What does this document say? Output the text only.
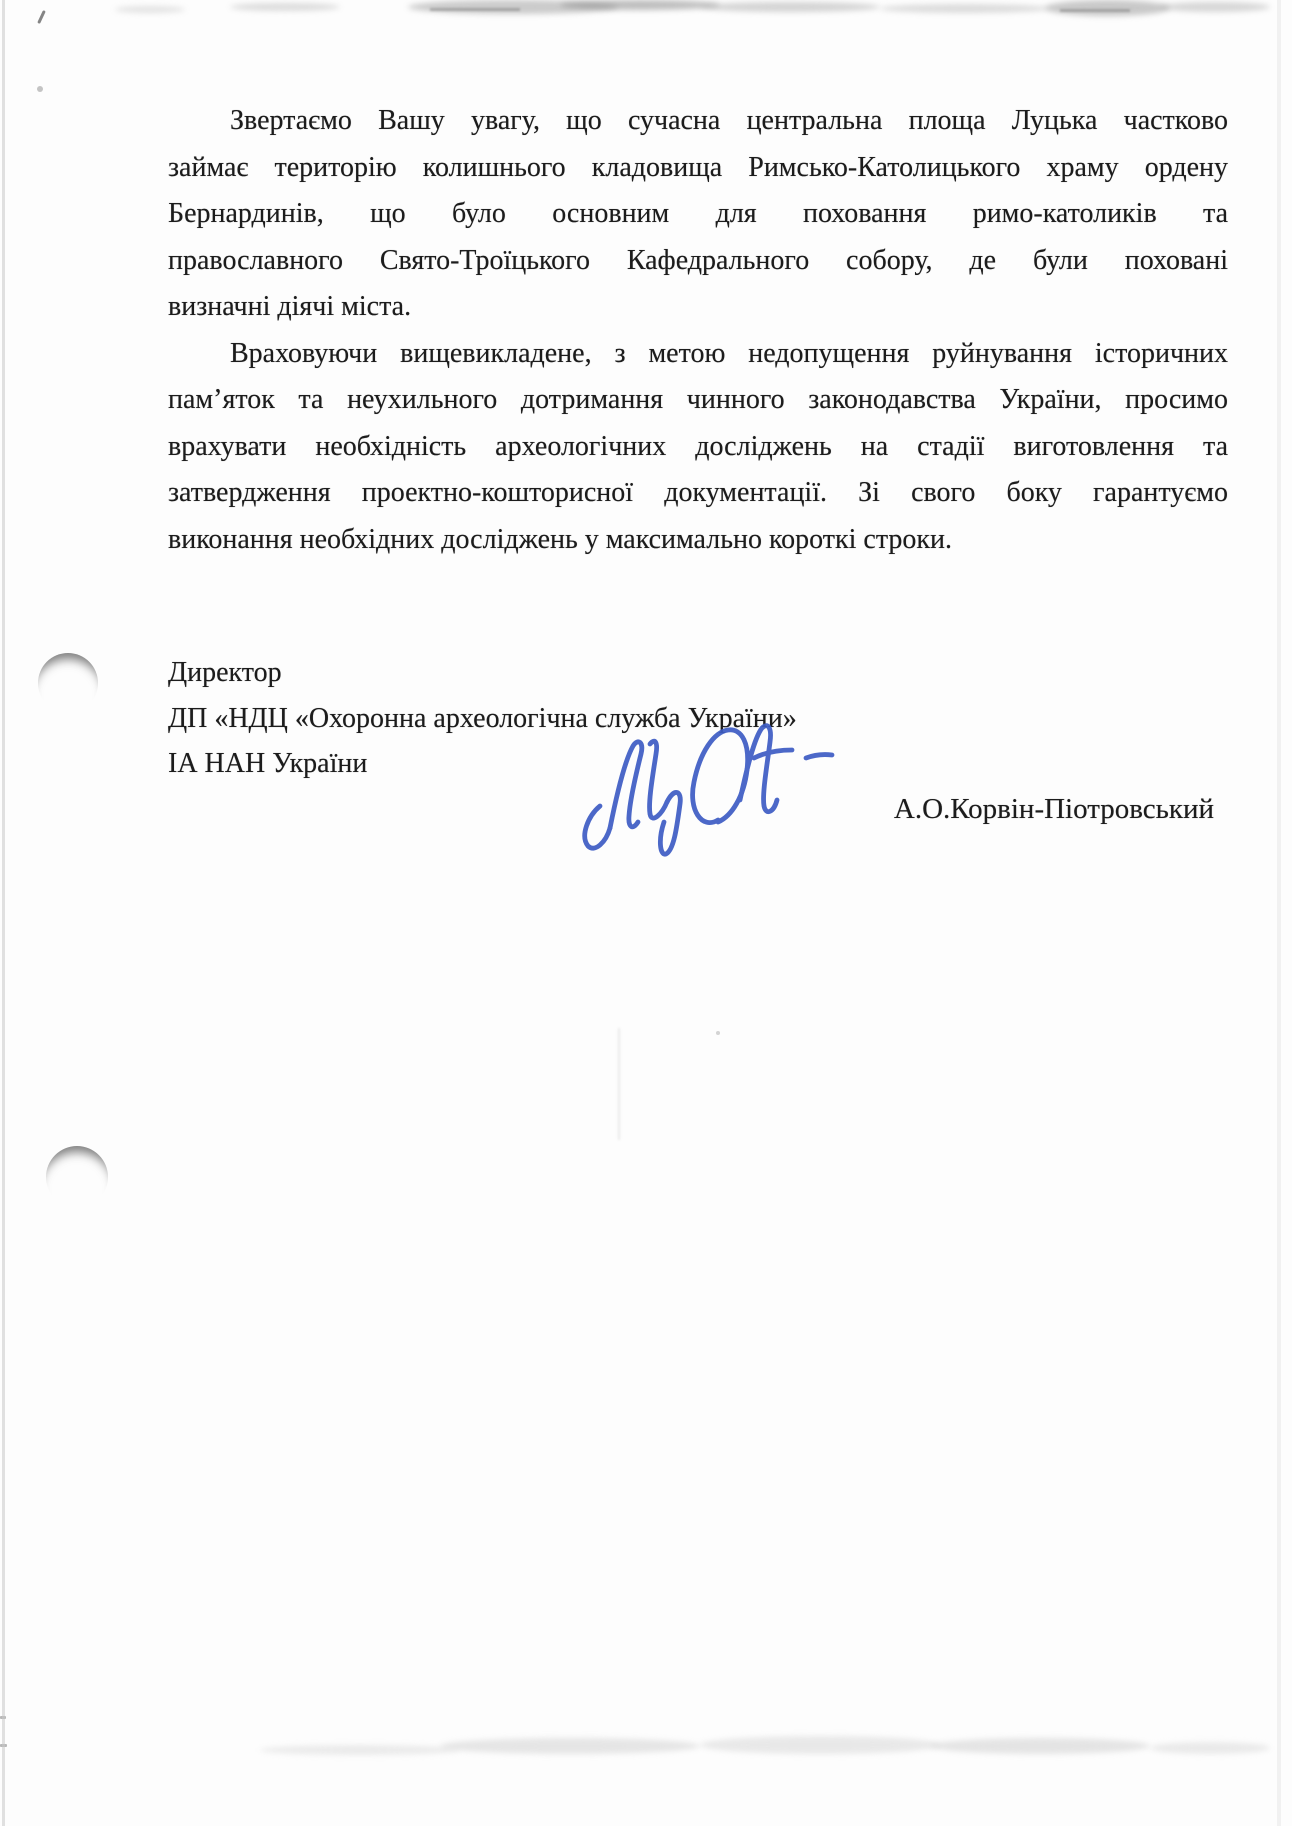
Звертаємо Вашу увагу, що сучасна центральна площа Луцька частково
займає територію колишнього кладовища Римсько-Католицького храму ордену
Бернардинів, що було основним для поховання римо-католиків та
православного Свято-Троїцького Кафедрального собору, де були поховані
визначні діячі міста.
Враховуючи вищевикладене, з метою недопущення руйнування історичних
пам’яток та неухильного дотримання чинного законодавства України, просимо
врахувати необхідність археологічних досліджень на стадії виготовлення та
затвердження проектно-кошторисної документації. Зі свого боку гарантуємо
виконання необхідних досліджень у максимально короткі строки.
Директор
ДП «НДЦ «Охоронна археологічна служба України»
ІА НАН України
А.О.Корвін-Піотровський
